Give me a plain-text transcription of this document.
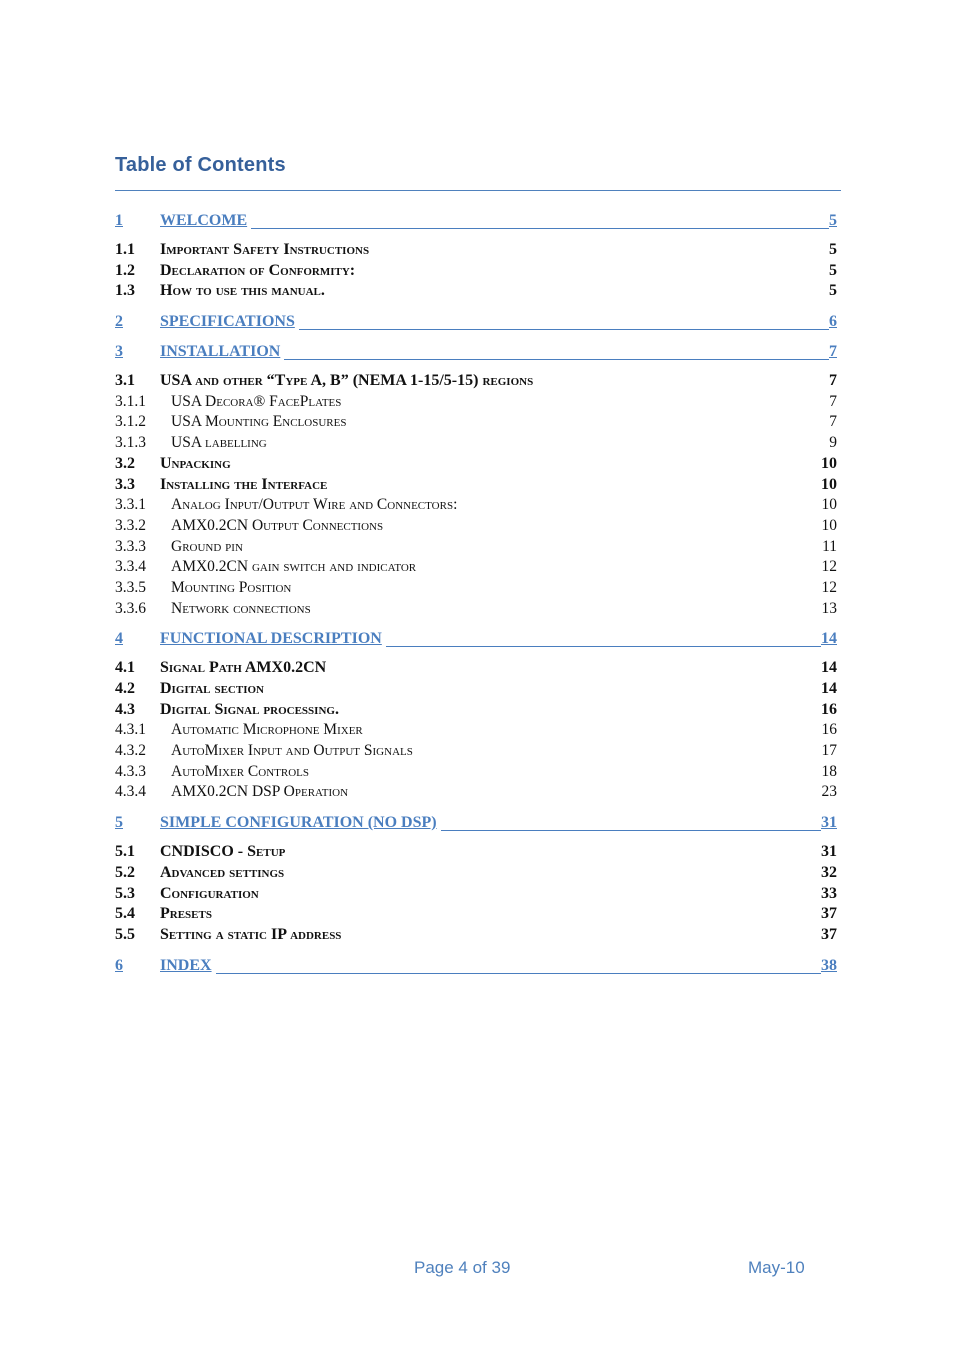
Table of Contents
1 WELCOME	5
1.1 Important Safety Instructions	5
1.2 Declaration of Conformity:	5
1.3 How to use this manual.	5
2 SPECIFICATIONS	6
3 INSTALLATION	7
3.1 USA and other “Type A, B” (NEMA 1-15/5-15) regions	7
3.1.1 USA Decora® FacePlates	7
3.1.2 USA Mounting Enclosures	7
3.1.3 USA labelling	9
3.2 Unpacking	10
3.3 Installing the Interface	10
3.3.1 Analog Input/Output Wire and Connectors:	10
3.3.2 AMX0.2CN Output Connections	10
3.3.3 Ground pin	11
3.3.4 AMX0.2CN gain switch and indicator	12
3.3.5 Mounting Position	12
3.3.6 Network connections	13
4 FUNCTIONAL DESCRIPTION	14
4.1 Signal Path AMX0.2CN	14
4.2 Digital section	14
4.3 Digital Signal processing.	16
4.3.1 Automatic Microphone Mixer	16
4.3.2 AutoMixer Input and Output Signals	17
4.3.3 AutoMixer Controls	18
4.3.4 AMX0.2CN DSP Operation	23
5 SIMPLE CONFIGURATION (NO DSP)	31
5.1 CNDISCO - Setup	31
5.2 Advanced settings	32
5.3 Configuration	33
5.4 Presets	37
5.5 Setting a static IP address	37
6 INDEX	38
Page 4 of 39	May-10
